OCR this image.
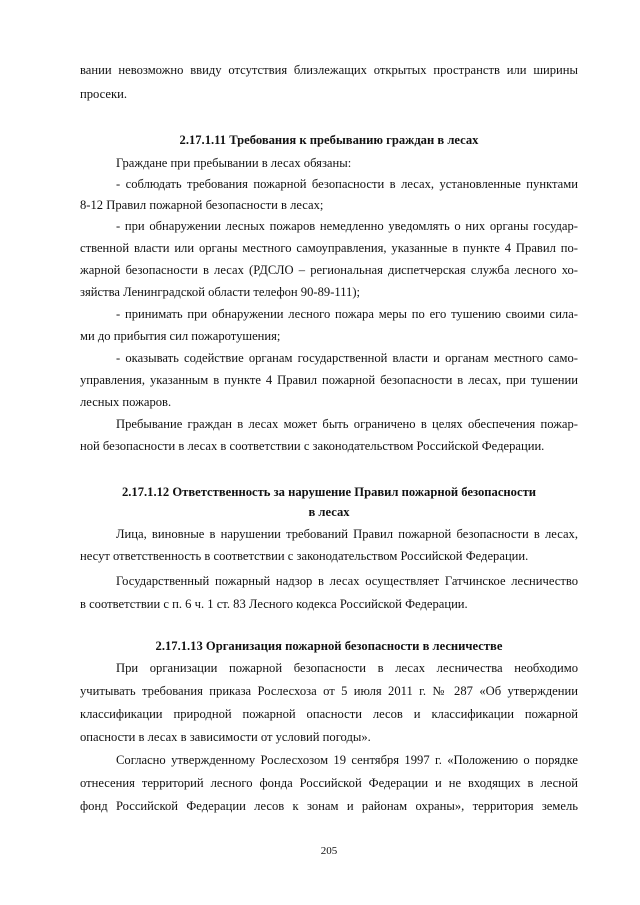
вании невозможно ввиду отсутствия близлежащих открытых пространств или ширины
просеки.
2.17.1.11 Требования к пребыванию граждан в лесах
Граждане при пребывании в лесах обязаны:
- соблюдать требования пожарной безопасности в лесах, установленные пунктами
8-12 Правил пожарной безопасности в лесах;
- при обнаружении лесных пожаров немедленно уведомлять о них органы государ-
ственной власти или органы местного самоуправления, указанные в пункте 4 Правил по-
жарной безопасности в лесах (РДСЛО – региональная диспетчерская служба лесного хо-
зяйства Ленинградской области телефон 90-89-111);
- принимать при обнаружении лесного пожара меры по его тушению своими сила-
ми до прибытия сил пожаротушения;
- оказывать содействие органам государственной власти и органам местного само-
управления, указанным в пункте 4 Правил пожарной безопасности в лесах, при тушении
лесных пожаров.
Пребывание граждан в лесах может быть ограничено в целях обеспечения пожар-
ной безопасности в лесах в соответствии с законодательством Российской Федерации.
2.17.1.12 Ответственность за нарушение Правил пожарной безопасности
в лесах
Лица, виновные в нарушении требований Правил пожарной безопасности в лесах,
несут ответственность в соответствии с законодательством Российской Федерации.
Государственный пожарный надзор в лесах осуществляет Гатчинское лесничество
в соответствии с п. 6 ч. 1 ст. 83 Лесного кодекса Российской Федерации.
2.17.1.13 Организация пожарной безопасности в лесничестве
При организации пожарной безопасности в лесах лесничества необходимо
учитывать требования приказа Рослесхоза от 5 июля 2011 г. № 287 «Об утверждении
классификации природной пожарной опасности лесов и классификации пожарной
опасности в лесах в зависимости от условий погоды».
Согласно утвержденному Рослесхозом 19 сентября 1997 г. «Положению о порядке
отнесения территорий лесного фонда Российской Федерации и не входящих в лесной
фонд Российской Федерации лесов к зонам и районам охраны», территория земель
205
